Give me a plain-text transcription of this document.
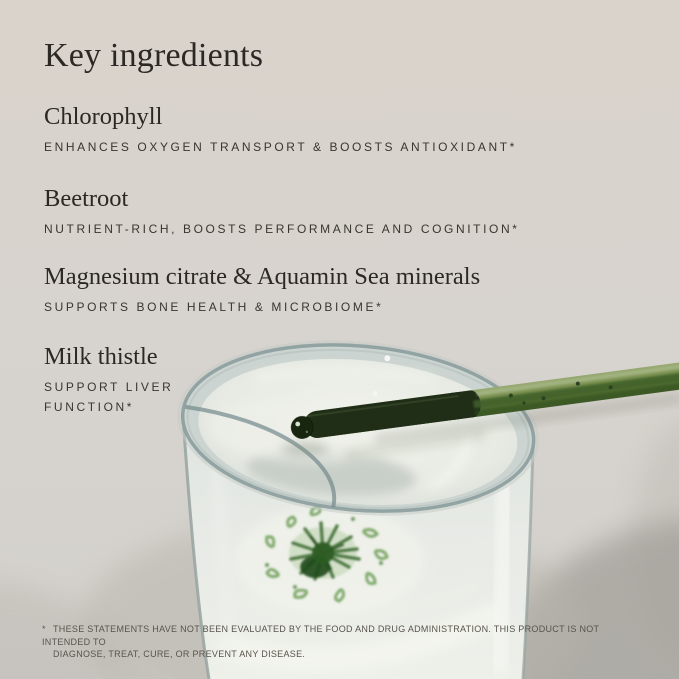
Key ingredients
Chlorophyll
ENHANCES OXYGEN TRANSPORT & BOOSTS ANTIOXIDANT*
Beetroot
NUTRIENT-RICH, BOOSTS PERFORMANCE AND COGNITION*
Magnesium citrate & Aquamin Sea minerals
SUPPORTS BONE HEALTH & MICROBIOME*
Milk thistle
SUPPORT LIVER FUNCTION*
* THESE STATEMENTS HAVE NOT BEEN EVALUATED BY THE FOOD AND DRUG ADMINISTRATION. THIS PRODUCT IS NOT INTENDED TO
DIAGNOSE, TREAT, CURE, OR PREVENT ANY DISEASE.
